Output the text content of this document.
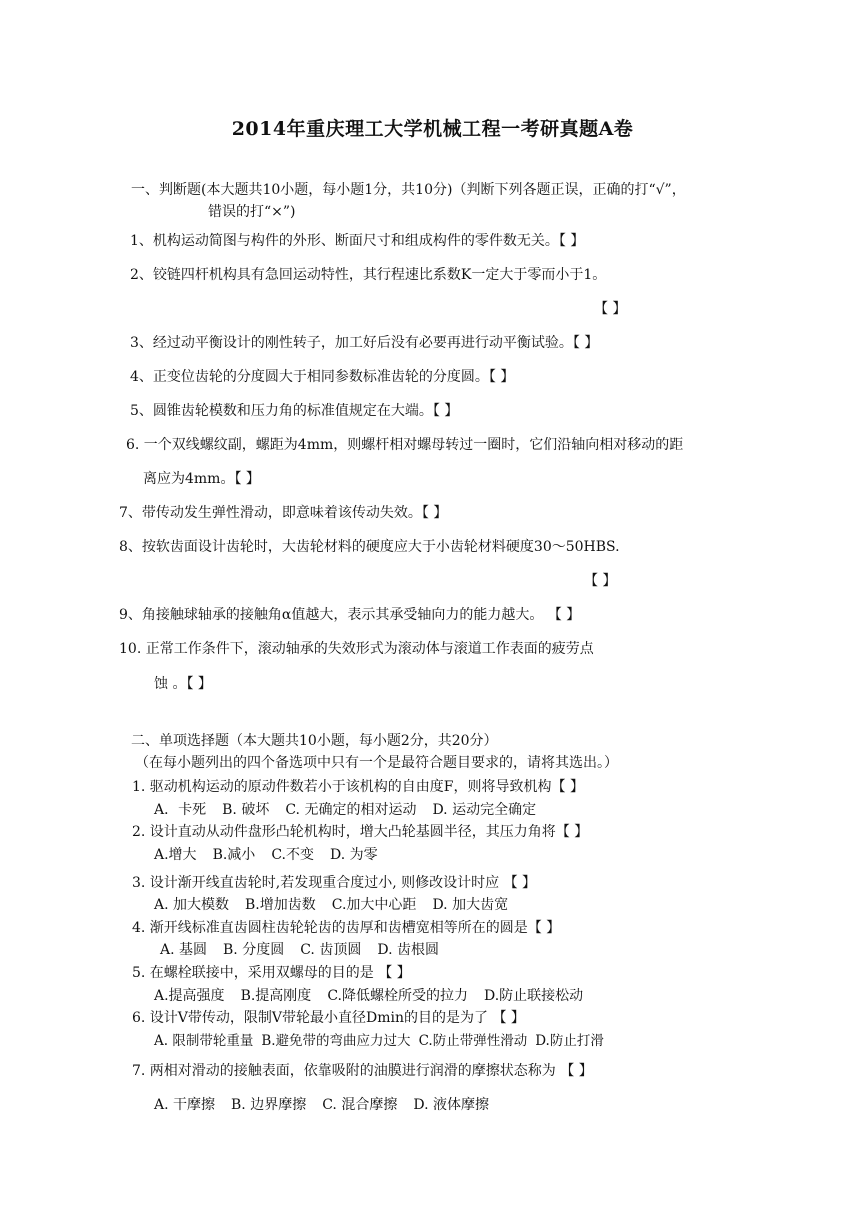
2014年重庆理工大学机械工程一考研真题A卷
一、判断题(本大题共10小题，每小题1分，共10分)（判断下列各题正误，正确的打“√”，
错误的打“×”)
1、机构运动简图与构件的外形、断面尺寸和组成构件的零件数无关。【 】
2、铰链四杆机构具有急回运动特性，其行程速比系数K一定大于零而小于1。
【 】
3、经过动平衡设计的刚性转子，加工好后没有必要再进行动平衡试验。【 】
4、正变位齿轮的分度圆大于相同参数标准齿轮的分度圆。【 】
5、圆锥齿轮模数和压力角的标准值规定在大端。【 】
6. 一个双线螺纹副，螺距为4mm，则螺杆相对螺母转过一圈时，它们沿轴向相对移动的距
离应为4mm。【 】
7、带传动发生弹性滑动，即意味着该传动失效。【 】
8、按软齿面设计齿轮时，大齿轮材料的硬度应大于小齿轮材料硬度30～50HBS.
【 】
9、角接触球轴承的接触角α值越大，表示其承受轴向力的能力越大。 【 】
10. 正常工作条件下，滚动轴承的失效形式为滚动体与滚道工作表面的疲劳点
蚀 。【 】
二、单项选择题（本大题共10小题，每小题2分，共20分）
（在每小题列出的四个备选项中只有一个是最符合题目要求的，请将其选出。）
1. 驱动机构运动的原动件数若小于该机构的自由度F，则将导致机构【 】
A．卡死 B. 破坏 C. 无确定的相对运动 D. 运动完全确定
2. 设计直动从动件盘形凸轮机构时，增大凸轮基圆半径，其压力角将【 】
A.增大 B.减小 C.不变 D. 为零
3. 设计渐开线直齿轮时,若发现重合度过小, 则修改设计时应 【 】
A. 加大模数 B.增加齿数 C.加大中心距 D. 加大齿宽
4. 渐开线标准直齿圆柱齿轮轮齿的齿厚和齿槽宽相等所在的圆是【 】
A. 基圆 B. 分度圆 C. 齿顶圆 D. 齿根圆
5. 在螺栓联接中，采用双螺母的目的是 【 】
A.提高强度 B.提高刚度 C.降低螺栓所受的拉力 D.防止联接松动
6. 设计V带传动，限制V带轮最小直径Dmin的目的是为了 【 】
A. 限制带轮重量 B.避免带的弯曲应力过大 C.防止带弹性滑动 D.防止打滑
7. 两相对滑动的接触表面，依靠吸附的油膜进行润滑的摩擦状态称为 【 】
A. 干摩擦 B. 边界摩擦 C. 混合摩擦 D. 液体摩擦
